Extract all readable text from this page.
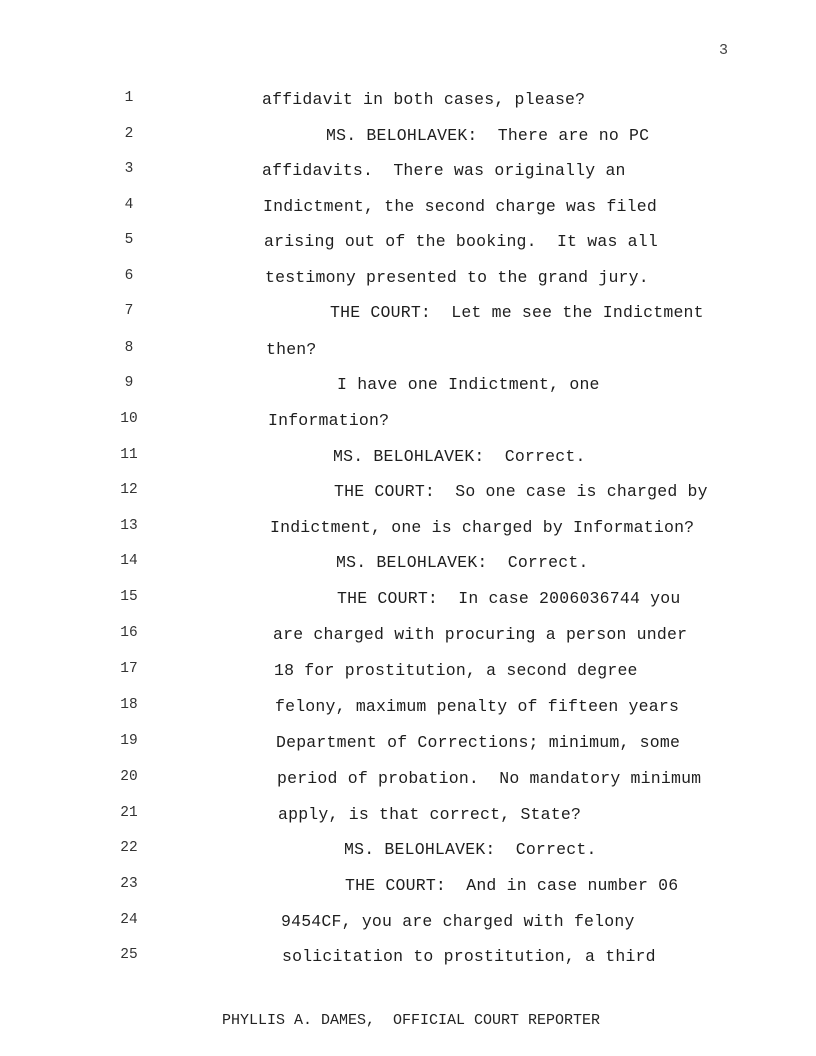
3
1	affidavit in both cases, please?
2	MS. BELOHLAVEK:  There are no PC
3	affidavits.  There was originally an
4	Indictment, the second charge was filed
5	arising out of the booking.  It was all
6	testimony presented to the grand jury.
7	THE COURT:  Let me see the Indictment
8	then?
9	I have one Indictment, one
10	Information?
11	MS. BELOHLAVEK:  Correct.
12	THE COURT:  So one case is charged by
13	Indictment, one is charged by Information?
14	MS. BELOHLAVEK:  Correct.
15	THE COURT:  In case 2006036744 you
16	are charged with procuring a person under
17	18 for prostitution, a second degree
18	felony, maximum penalty of fifteen years
19	Department of Corrections; minimum, some
20	period of probation.  No mandatory minimum
21	apply, is that correct, State?
22	MS. BELOHLAVEK:  Correct.
23	THE COURT:  And in case number 06
24	9454CF, you are charged with felony
25	solicitation to prostitution, a third
PHYLLIS A. DAMES,  OFFICIAL COURT REPORTER
